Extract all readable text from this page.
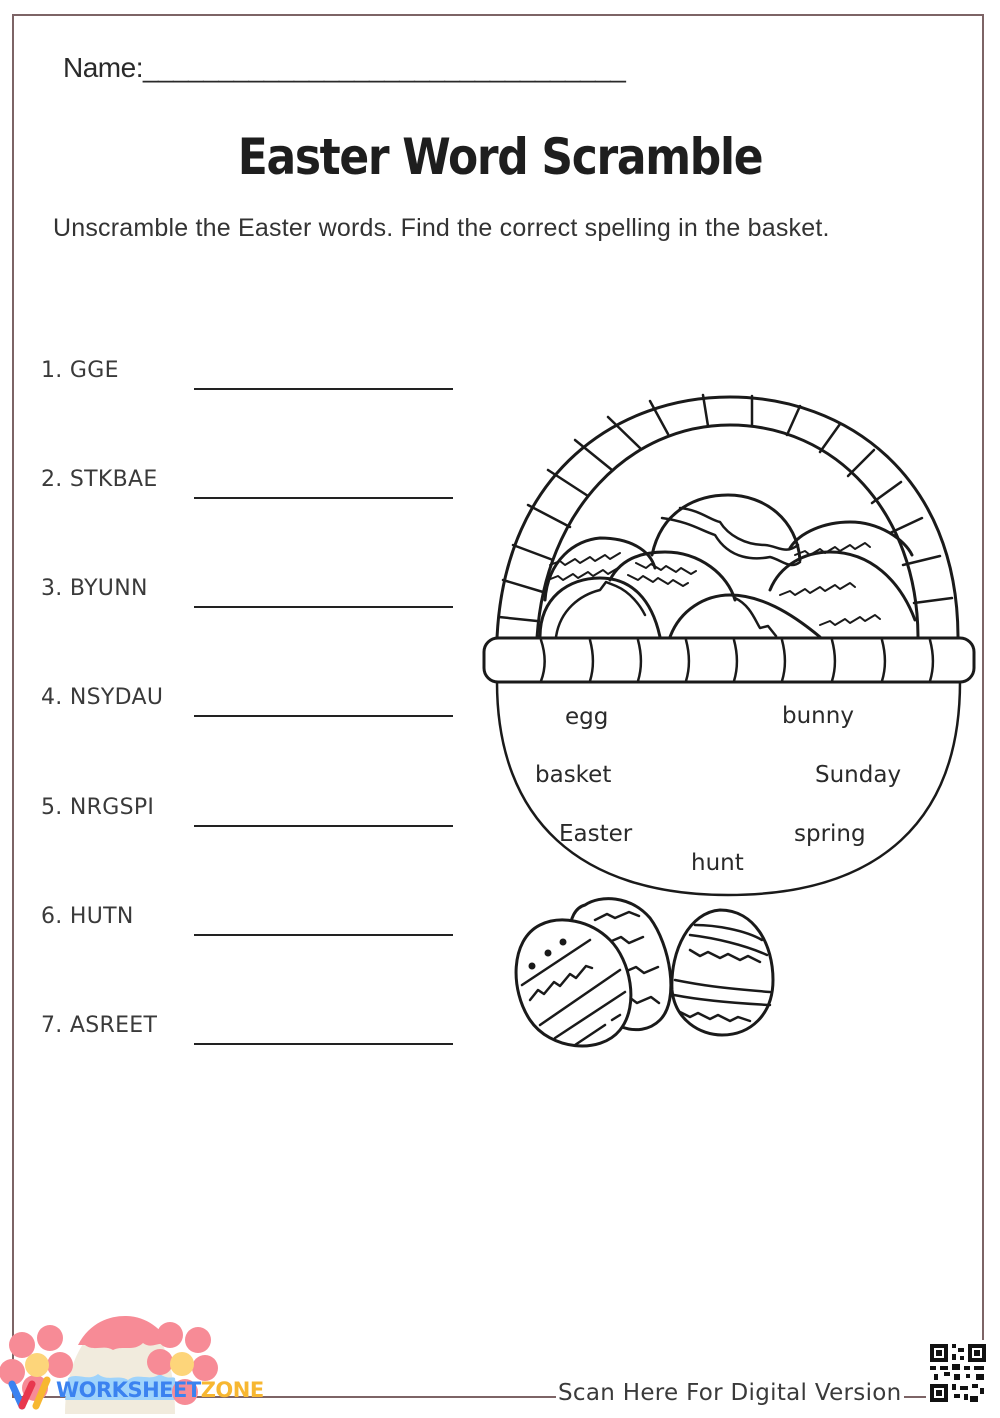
Name:________________________________
Easter Word Scramble
Unscramble the Easter words. Find the correct spelling in the basket.
1. GGE
2. STKBAE
3. BYUNN
4. NSYDAU
5. NRGSPI
6. HUTN
7. ASREET
egg	bunny
basket	Sunday
Easter	spring
hunt
WORKSHEETZONE	Scan Here For Digital Version
